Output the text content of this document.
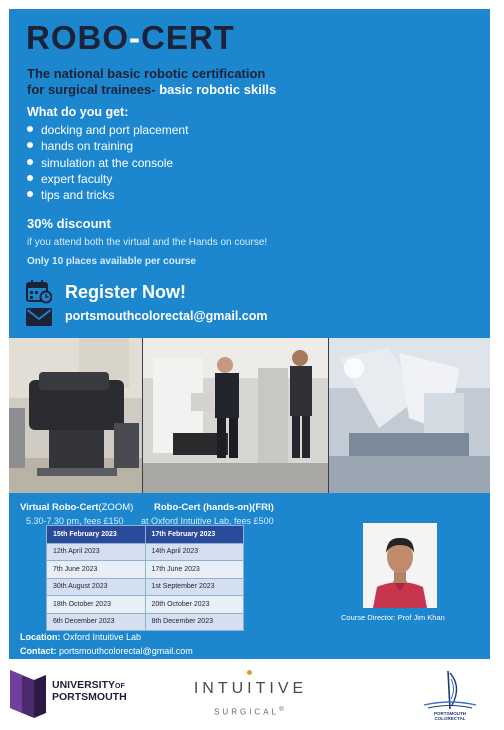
ROBO-CERT
The national basic robotic certification
for surgical trainees- basic robotic skills
What do you get:
docking and port placement
hands on training
simulation at the console
expert faculty
tips and tricks
30% discount
if you attend both the virtual and the Hands on course!
Only 10 places available per course
Register Now!
portsmouthcolorectal@gmail.com
Virtual Robo-Cert(ZOOM) Robo-Cert (hands-on)(FRI)
5.30-7.30 pm, fees £150 at Oxford Intuitive Lab, fees £500
15th February 2023	17th February 2023
12th April 2023	14th April 2023
7th June 2023	17th June 2023
30th August 2023	1st September 2023
18th October 2023	20th October 2023
6th December 2023	8th December 2023	Course Director: Prof Jim Khan
Location: Oxford Intuitive Lab
Contact: portsmouthcolorectal@gmail.com
UNIVERSITYOF
PORTSMOUTH	INTUITIVE
SURGICAL®
PORTSMOUTH
COLORECTAL
